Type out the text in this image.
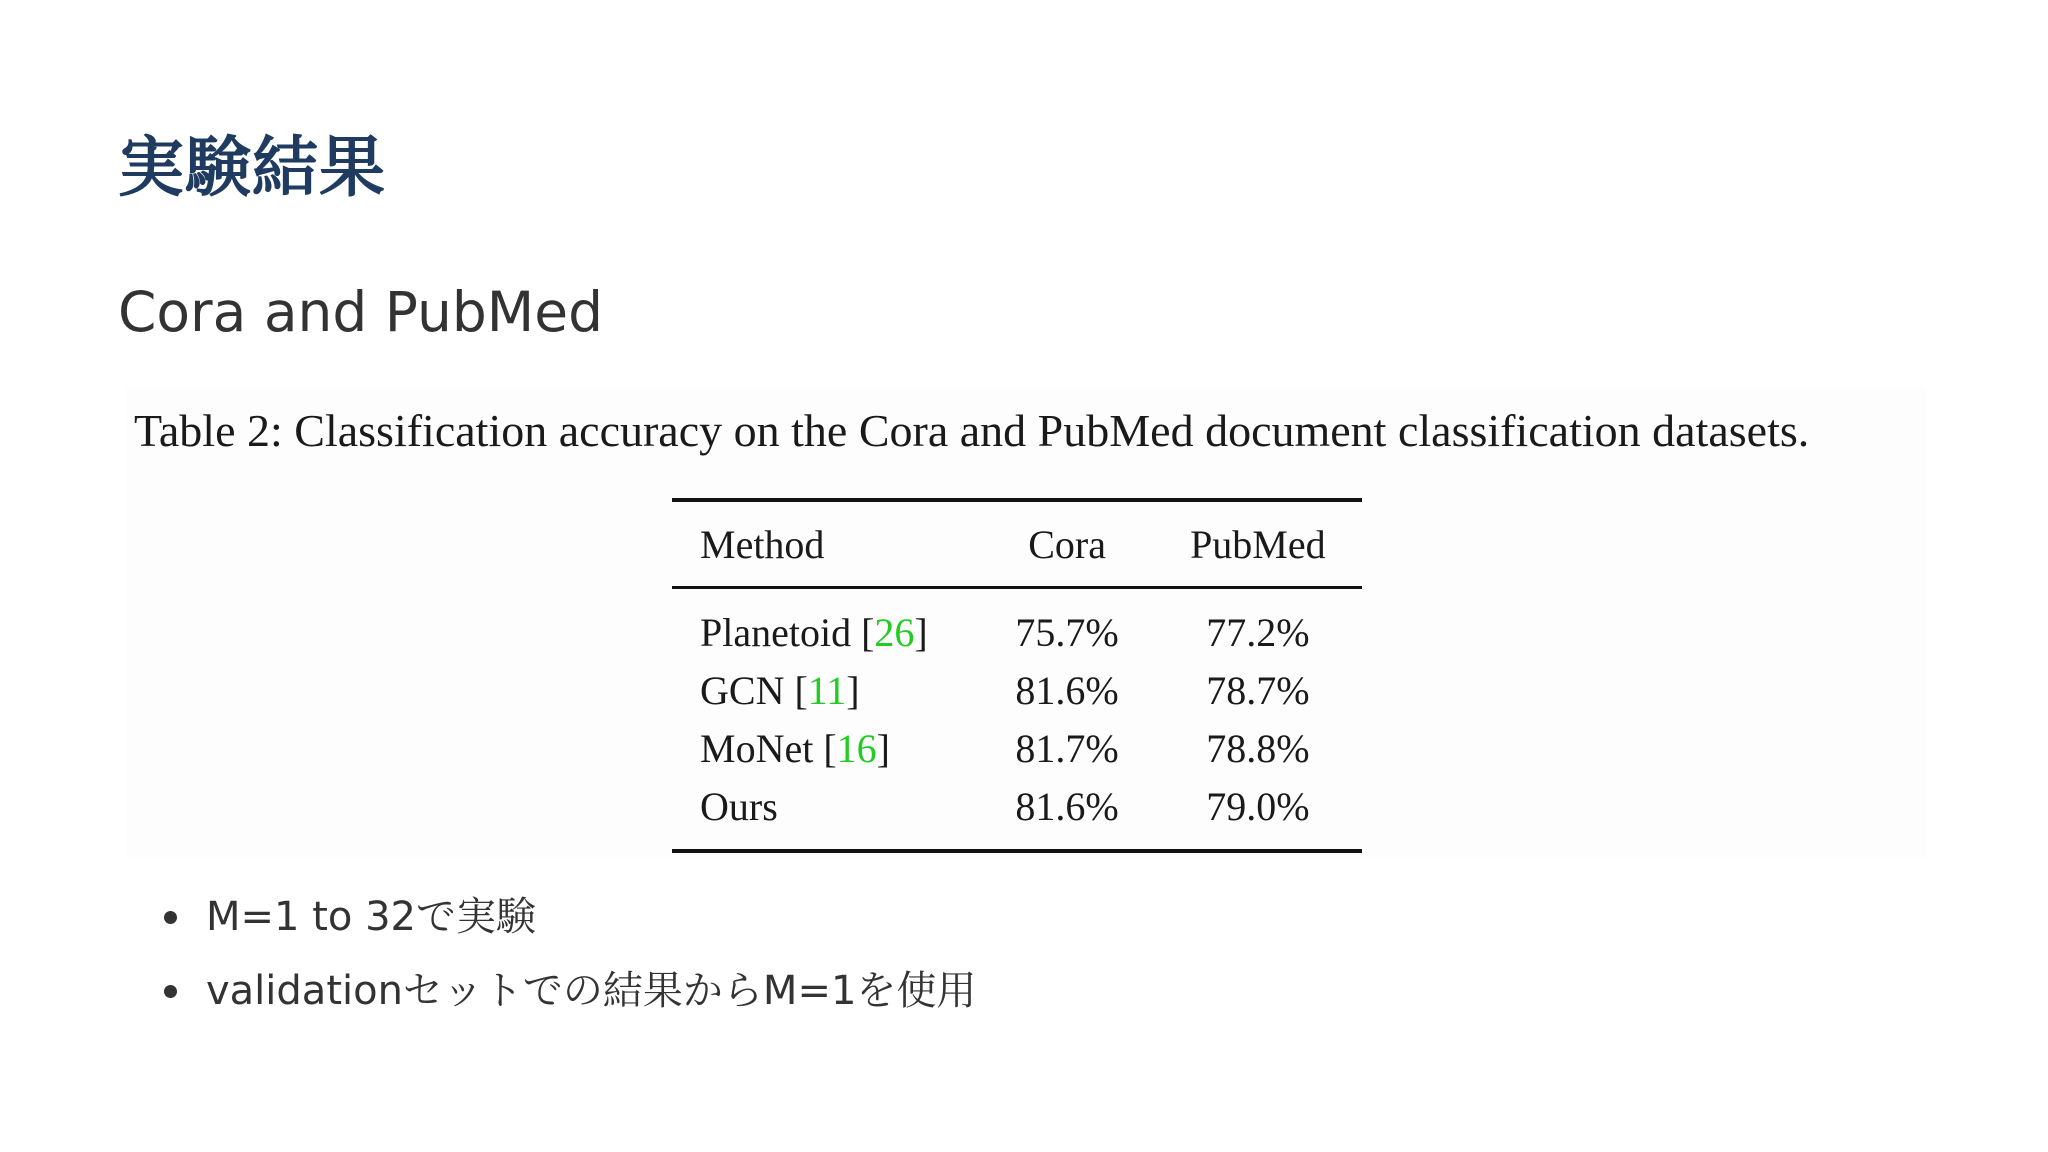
実験結果
Cora and PubMed

Table 2: Classification accuracy on the Cora and PubMed document classification datasets.

Method	Cora	PubMed
Planetoid [26]	75.7%	77.2%
GCN [11]	81.6%	78.7%
MoNet [16]	81.7%	78.8%
Ours	81.6%	79.0%
M=1 to 32で実験
validationセットでの結果からM=1を使用
